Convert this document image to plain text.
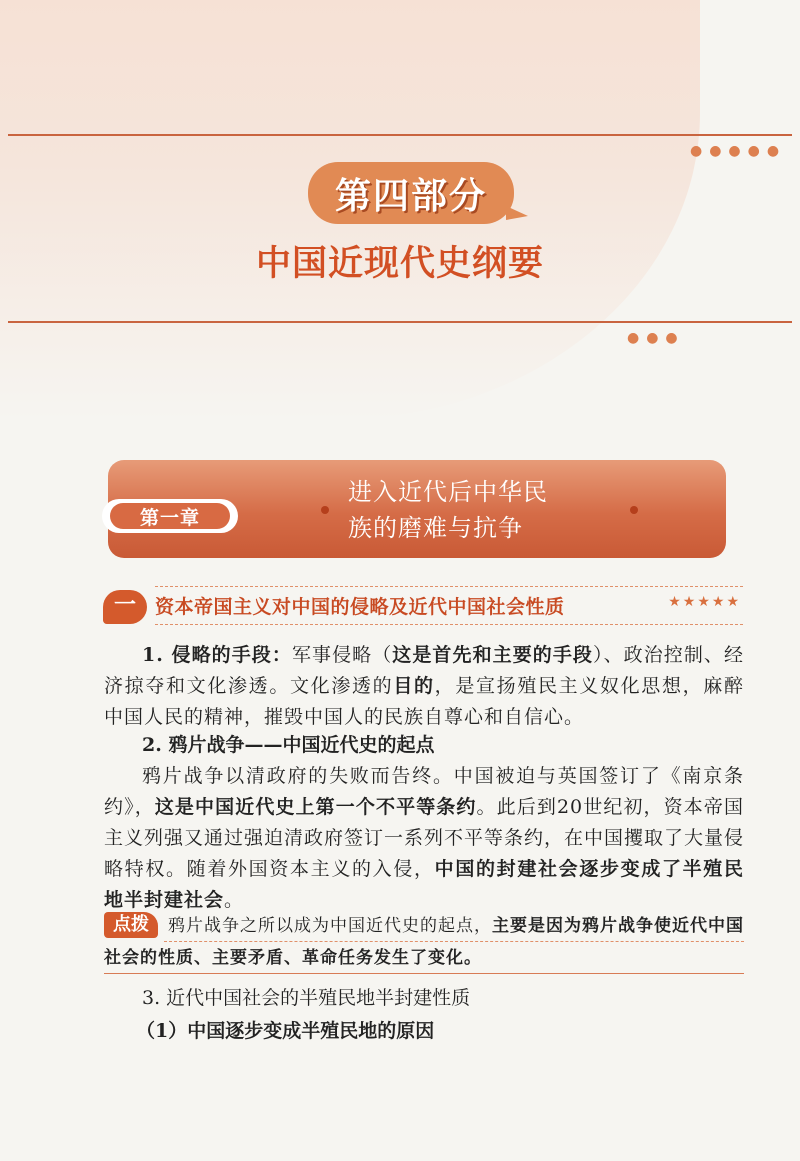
●●●●●
第四部分
中国近现代史纲要
●●●
第一章
进入近代后中华民
族的磨难与抗争
一	资本帝国主义对中国的侵略及近代中国社会性质	★★★★★

1. 侵略的手段：军事侵略（这是首先和主要的手段）、政治控制、经济掠夺和文化渗透。文化渗透的目的，是宣扬殖民主义奴化思想，麻醉中国人民的精神，摧毁中国人的民族自尊心和自信心。

2. 鸦片战争——中国近代史的起点

鸦片战争以清政府的失败而告终。中国被迫与英国签订了《南京条约》，这是中国近代史上第一个不平等条约。此后到20世纪初，资本帝国主义列强又通过强迫清政府签订一系列不平等条约，在中国攫取了大量侵略特权。随着外国资本主义的入侵，中国的封建社会逐步变成了半殖民地半封建社会。

鸦片战争之所以成为中国近代史的起点，主要是因为鸦片战争使近代中国社会的性质、主要矛盾、革命任务发生了变化。
点拨
3. 近代中国社会的半殖民地半封建性质
（1）中国逐步变成半殖民地的原因
